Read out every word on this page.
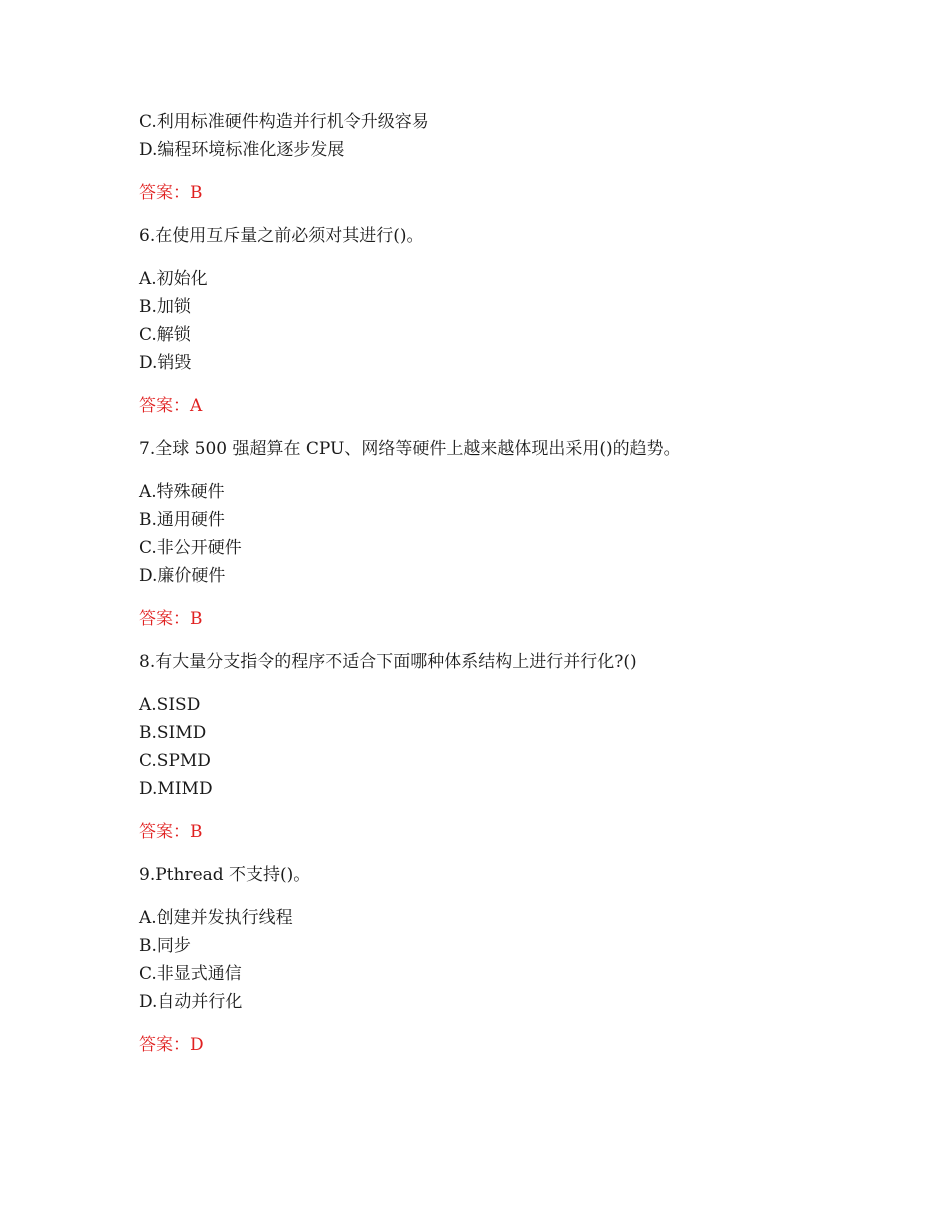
C.利用标准硬件构造并行机令升级容易
D.编程环境标准化逐步发展
答案：B
6.在使用互斥量之前必须对其进行()。
A.初始化
B.加锁
C.解锁
D.销毁
答案：A
7.全球 500 强超算在 CPU、网络等硬件上越来越体现出采用()的趋势。
A.特殊硬件
B.通用硬件
C.非公开硬件
D.廉价硬件
答案：B
8.有大量分支指令的程序不适合下面哪种体系结构上进行并行化?()
A.SISD
B.SIMD
C.SPMD
D.MIMD
答案：B
9.Pthread 不支持()。
A.创建并发执行线程
B.同步
C.非显式通信
D.自动并行化
答案：D
